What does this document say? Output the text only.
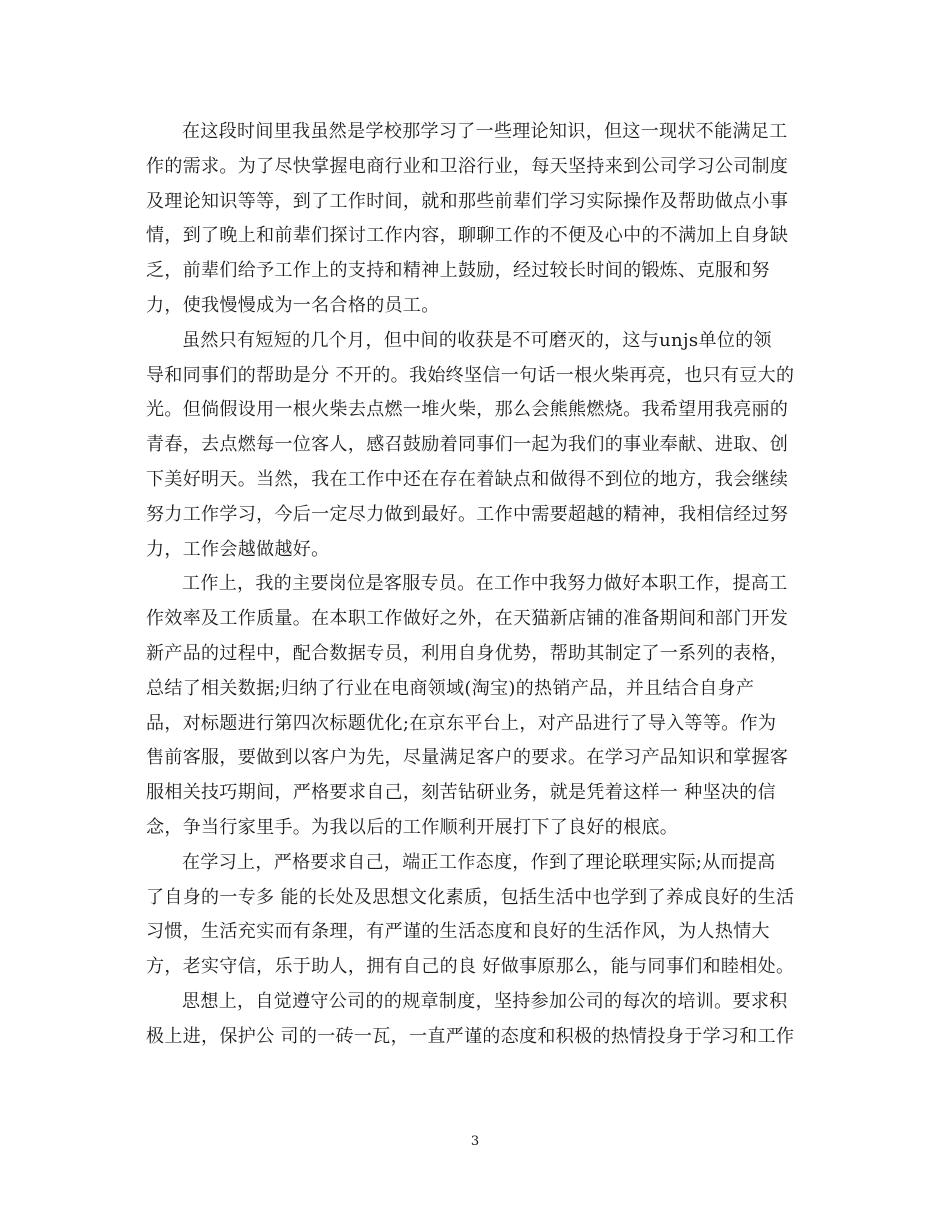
在这段时间里我虽然是学校那学习了一些理论知识，但这一现状不能满足工
作的需求。为了尽快掌握电商行业和卫浴行业，每天坚持来到公司学习公司制度
及理论知识等等，到了工作时间，就和那些前辈们学习实际操作及帮助做点小事
情，到了晚上和前辈们探讨工作内容，聊聊工作的不便及心中的不满加上自身缺
乏，前辈们给予工作上的支持和精神上鼓励，经过较长时间的锻炼、克服和努
力，使我慢慢成为一名合格的员工。
虽然只有短短的几个月，但中间的收获是不可磨灭的，这与unjs单位的领
导和同事们的帮助是分 不开的。我始终坚信一句话一根火柴再亮，也只有豆大的
光。但倘假设用一根火柴去点燃一堆火柴，那么会熊熊燃烧。我希望用我亮丽的
青春，去点燃每一位客人，感召鼓励着同事们一起为我们的事业奉献、进取、创
下美好明天。当然，我在工作中还在存在着缺点和做得不到位的地方，我会继续
努力工作学习，今后一定尽力做到最好。工作中需要超越的精神，我相信经过努
力，工作会越做越好。
工作上，我的主要岗位是客服专员。在工作中我努力做好本职工作，提高工
作效率及工作质量。在本职工作做好之外，在天猫新店铺的准备期间和部门开发
新产品的过程中，配合数据专员，利用自身优势，帮助其制定了一系列的表格，
总结了相关数据;归纳了行业在电商领域(淘宝)的热销产品，并且结合自身产
品，对标题进行第四次标题优化;在京东平台上，对产品进行了导入等等。作为
售前客服，要做到以客户为先，尽量满足客户的要求。在学习产品知识和掌握客
服相关技巧期间，严格要求自己，刻苦钻研业务，就是凭着这样一 种坚决的信
念，争当行家里手。为我以后的工作顺利开展打下了良好的根底。
在学习上，严格要求自己，端正工作态度，作到了理论联理实际;从而提高
了自身的一专多 能的长处及思想文化素质，包括生活中也学到了养成良好的生活
习惯，生活充实而有条理，有严谨的生活态度和良好的生活作风，为人热情大
方，老实守信，乐于助人，拥有自己的良 好做事原那么，能与同事们和睦相处。
思想上，自觉遵守公司的的规章制度，坚持参加公司的每次的培训。要求积
极上进，保护公 司的一砖一瓦，一直严谨的态度和积极的热情投身于学习和工作
3
